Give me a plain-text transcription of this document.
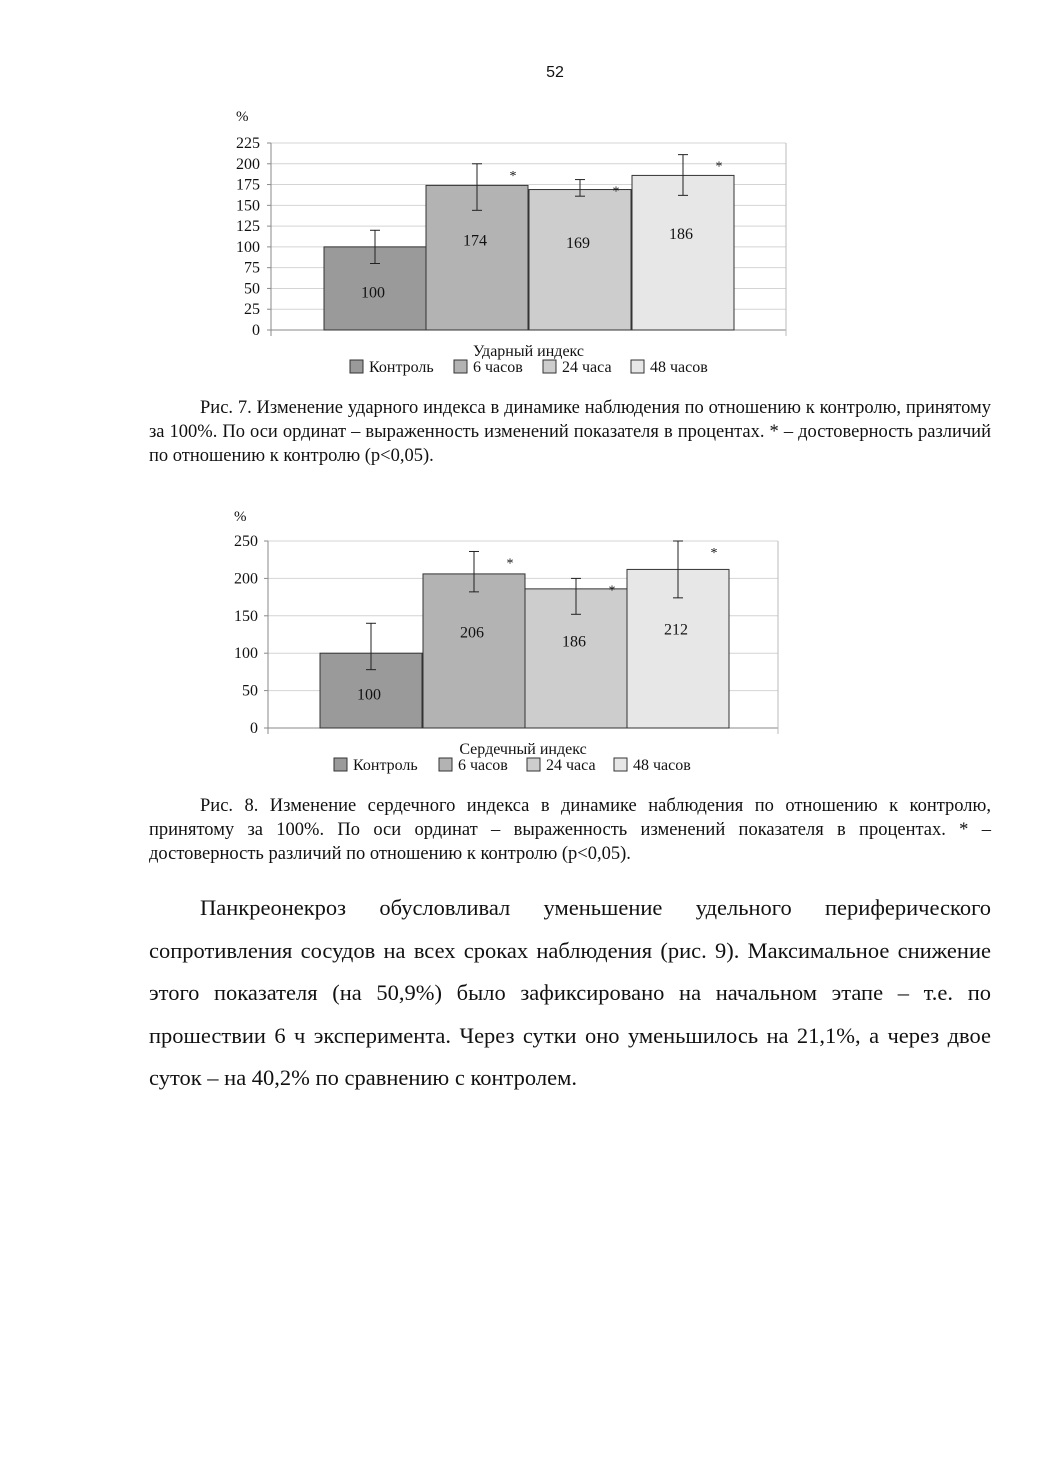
52
0
25
50
75
100
125
150
175
200
225
%
100
174
*
169
*
186
*
Ударный индекс
Контроль 6 часов 24 часа 48 часов

Рис. 7. Изменение ударного индекса в динамике наблюдения по отношению к контролю, принятому за 100%. По оси ординат – выраженность изменений показателя в процентах. * – достоверность различий по отношению к контролю (p<0,05).

0
50
100
150
200
250
%
100
206
*
186
*
212
*
Сердечный индекс
Контроль	6 часов 24 часа 48 часов

Рис. 8. Изменение сердечного индекса в динамике наблюдения по отношению к контролю, принятому за 100%. По оси ординат – выраженность изменений показателя в процентах. * – достоверность различий по отношению к контролю (p<0,05).

Панкреонекроз обусловливал уменьшение удельного периферического сопротивления сосудов на всех сроках наблюдения (рис. 9). Максимальное снижение этого показателя (на 50,9%) было зафиксировано на начальном этапе – т.е. по прошествии 6 ч эксперимента. Через сутки оно уменьшилось на 21,1%, а через двое суток – на 40,2% по сравнению с контролем.
